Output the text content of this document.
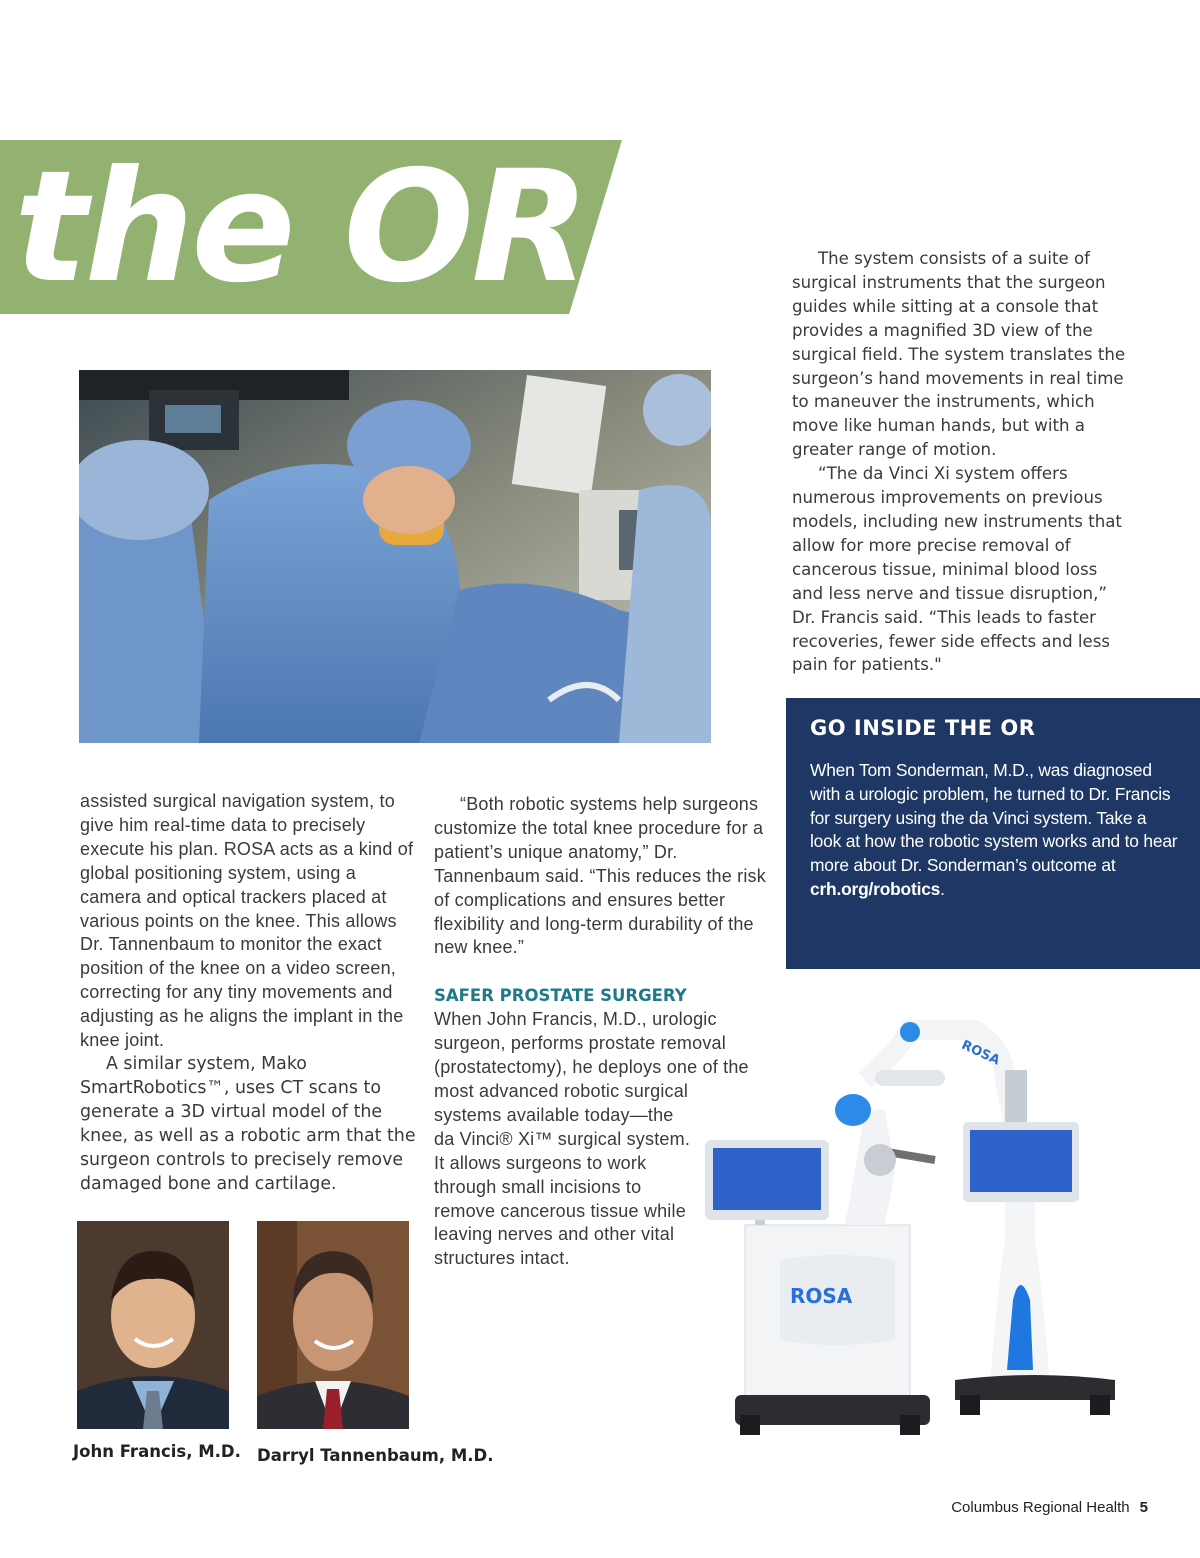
the OR	The system consists of a suite of surgical instruments that the surgeon guides while sitting at a console that provides a magnified 3D view of the surgical field. The system translates the surgeon’s hand movements in real time to maneuver the instruments, which move like human hands, but with a greater range of motion.

“The da Vinci Xi system offers numerous improvements on previous models, including new instruments that allow for more precise removal of cancerous tissue, minimal blood loss and less nerve and tissue disruption,” Dr. Francis said. “This leads to faster recoveries, fewer side effects and less pain for patients."

GO INSIDE THE OR
When Tom Sonderman, M.D., was diagnosed with a urologic problem, he turned to Dr. Francis for surgery using the da Vinci system. Take a look at how the robotic system works and to hear more about Dr. Sonderman’s outcome at crh.org/robotics.

assisted surgical navigation system, to give him real-time data to precisely execute his plan. ROSA acts as a kind of global positioning system, using a camera and optical trackers placed at various points on the knee. This allows Dr. Tannenbaum to monitor the exact position of the knee on a video screen, correcting for any tiny movements and adjusting as he aligns the implant in the knee joint.

A similar system, Mako SmartRobotics™, uses CT scans to generate a 3D virtual model of the knee, as well as a robotic arm that the surgeon controls to precisely remove damaged bone and cartilage.

“Both robotic systems help surgeons customize the total knee procedure for a patient’s unique anatomy,” Dr. Tannenbaum said. “This reduces the risk of complications and ensures better flexibility and long-term durability of the new knee.”

SAFER PROSTATE SURGERY

When John Francis, M.D., urologic surgeon, performs prostate removal (prostatectomy), he deploys one of the

most advanced robotic surgical systems available today—the da Vinci® Xi™ surgical system. It allows surgeons to work through small incisions to remove cancerous tissue while leaving nerves and other vital structures intact.

John Francis, M.D. Darryl Tannenbaum, M.D.
ROSA
ROSA
Columbus Regional Health 5
